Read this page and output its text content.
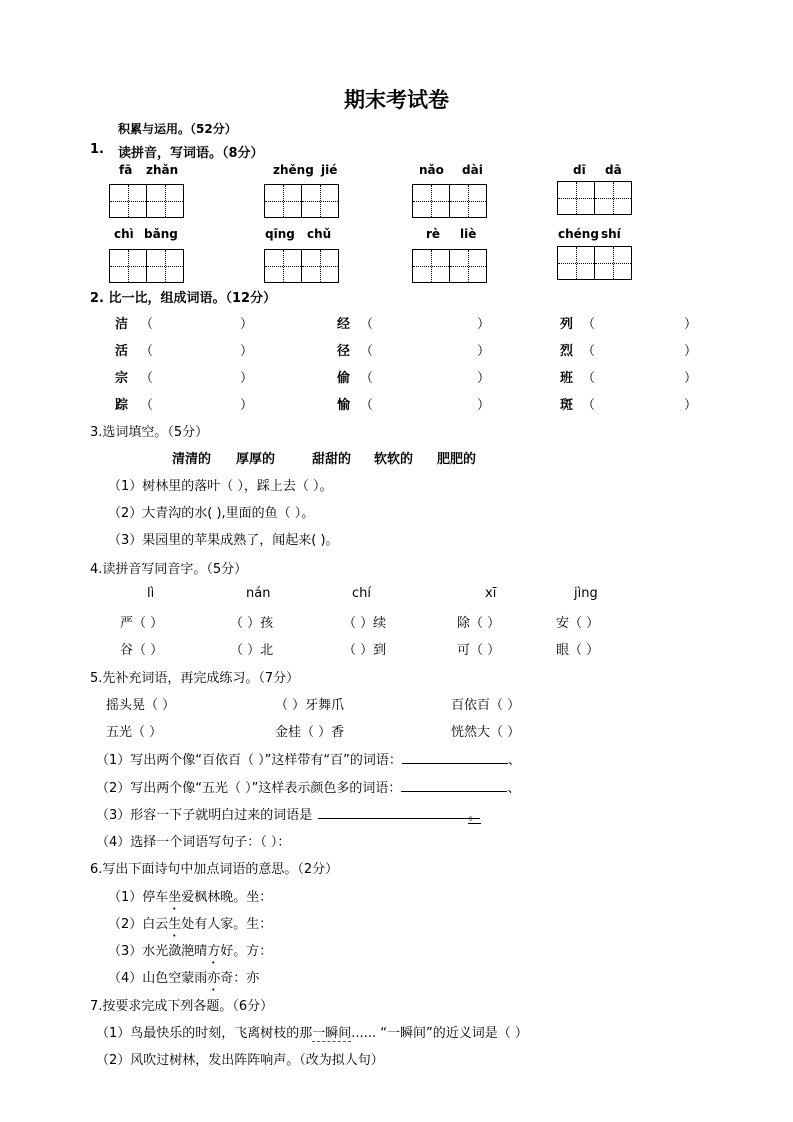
期末考试卷
积累与运用。（52分）
1. 读拼音，写词语。（8分）
fā zhǎn	zhěng jié	nǎo dài	dī dā
chì bǎng	qīng chǔ	rè liè	chéng shí
2. 比一比，组成词语。（12分）
洁 （	）	经 （	）	列 （	）
活 （	）	径 （	）	烈 （	）
宗 （	）	偷 （	）	班 （	）
踪 （	）	愉 （	）	斑 （	）
3.选词填空。（5分）
清清的 厚厚的	甜甜的 软软的 肥肥的
（1）树林里的落叶（ ），踩上去（ ）。
（2）大青沟的水( ),里面的鱼（ ）。
（3）果园里的苹果成熟了，闻起来( )。
4.读拼音写同音字。（5分）
lì	nán	chí	xī	jìng
严（ ）	（ ）孩	（ ）续	除（ ）	安（ ）
谷（ ）	（ ）北	（ ）到	可（ ）	眼（ ）
5.先补充词语，再完成练习。（7分）
摇头晃（ ）	（ ）牙舞爪	百依百（ ）
五光（ ）	金桂（ ）香	恍然大（ ）
（1）写出两个像“百依百（ ）”这样带有“百”的词语：	、
（2）写出两个像“五光（ ）”这样表示颜色多的词语：	、
（3）形容一下子就明白过来的词语是	。
（4）选择一个词语写句子：（ ）：
6.写出下面诗句中加点词语的意思。（2分）
（1）停车坐爱枫林晚。坐：
（2）白云生处有人家。生：
（3）水光潋滟晴方好。方：
（4）山色空蒙雨亦奇：亦
7.按要求完成下列各题。（6分）
（1）鸟最快乐的时刻，飞离树枝的那一瞬间...... “一瞬间”的近义词是（ ）
（2）风吹过树林，发出阵阵响声。（改为拟人句）
